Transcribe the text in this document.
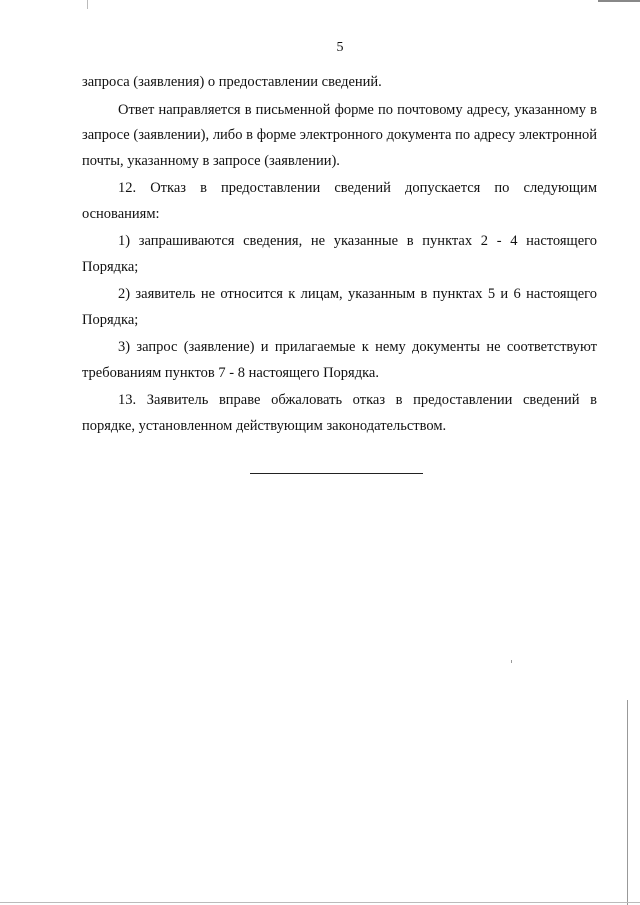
5

запроса (заявления) о предоставлении сведений.

Ответ направляется в письменной форме по почтовому адресу, указанному в запросе (заявлении), либо в форме электронного документа по адресу электронной почты, указанному в запросе (заявлении).

12. Отказ в предоставлении сведений допускается по следующим основаниям:

1) запрашиваются сведения, не указанные в пунктах 2 - 4 настоящего Порядка;

2) заявитель не относится к лицам, указанным в пунктах 5 и 6 настоящего Порядка;

3) запрос (заявление) и прилагаемые к нему документы не соответствуют требованиям пунктов 7 - 8 настоящего Порядка.

13. Заявитель вправе обжаловать отказ в предоставлении сведений в порядке, установленном действующим законодательством.
